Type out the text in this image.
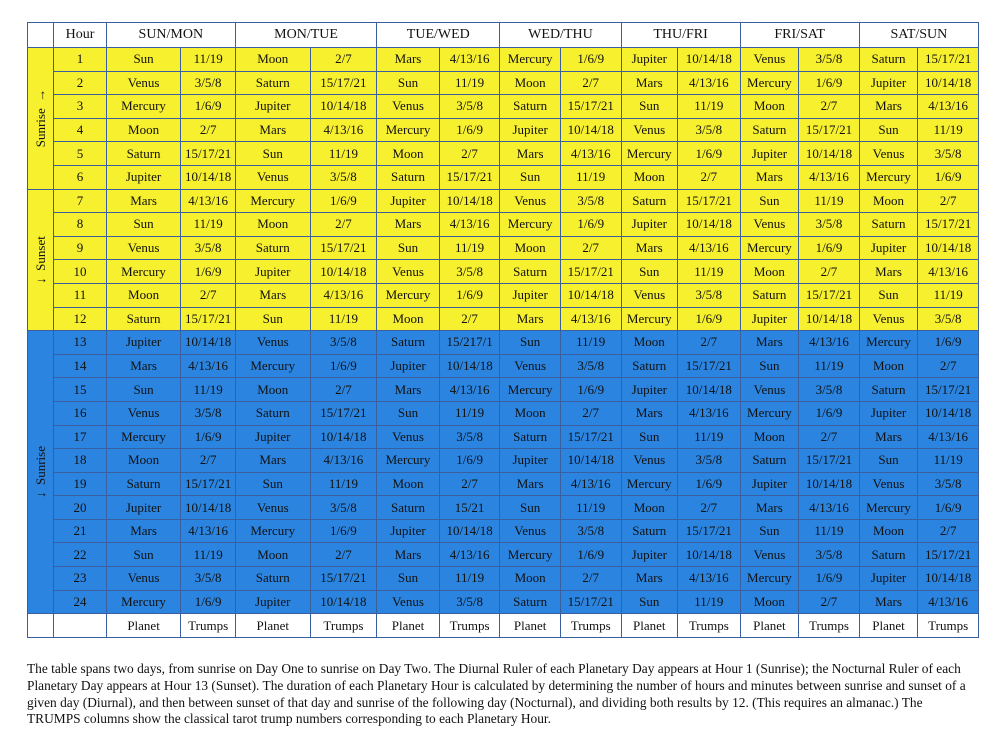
	Hour	SUN/MON		MON/TUE		TUE/WED		WED/THU		THU/FRI		FRI/SAT		SAT/SUN	

Sunrise  →	1	Sun	11/19	Moon	2/7	Mars	4/13/16	Mercury	1/6/9	Jupiter	10/14/18	Venus	3/5/8	Saturn	15/17/21
	2	Venus	3/5/8	Saturn	15/17/21	Sun	11/19	Moon	2/7	Mars	4/13/16	Mercury	1/6/9	Jupiter	10/14/18
	3	Mercury	1/6/9	Jupiter	10/14/18	Venus	3/5/8	Saturn	15/17/21	Sun	11/19	Moon	2/7	Mars	4/13/16
	4	Moon	2/7	Mars	4/13/16	Mercury	1/6/9	Jupiter	10/14/18	Venus	3/5/8	Saturn	15/17/21	Sun	11/19
	5	Saturn	15/17/21	Sun	11/19	Moon	2/7	Mars	4/13/16	Mercury	1/6/9	Jupiter	10/14/18	Venus	3/5/8
	6	Jupiter	10/14/18	Venus	3/5/8	Saturn	15/17/21	Sun	11/19	Moon	2/7	Mars	4/13/16	Mercury	1/6/9

↓  Sunset	7	Mars	4/13/16	Mercury	1/6/9	Jupiter	10/14/18	Venus	3/5/8	Saturn	15/17/21	Sun	11/19	Moon	2/7
	8	Sun	11/19	Moon	2/7	Mars	4/13/16	Mercury	1/6/9	Jupiter	10/14/18	Venus	3/5/8	Saturn	15/17/21
	9	Venus	3/5/8	Saturn	15/17/21	Sun	11/19	Moon	2/7	Mars	4/13/16	Mercury	1/6/9	Jupiter	10/14/18
	10	Mercury	1/6/9	Jupiter	10/14/18	Venus	3/5/8	Saturn	15/17/21	Sun	11/19	Moon	2/7	Mars	4/13/16
	11	Moon	2/7	Mars	4/13/16	Mercury	1/6/9	Jupiter	10/14/18	Venus	3/5/8	Saturn	15/17/21	Sun	11/19
	12	Saturn	15/17/21	Sun	11/19	Moon	2/7	Mars	4/13/16	Mercury	1/6/9	Jupiter	10/14/18	Venus	3/5/8

↓  Sunrise	13	Jupiter	10/14/18	Venus	3/5/8	Saturn	15/217/1	Sun	11/19	Moon	2/7	Mars	4/13/16	Mercury	1/6/9
	14	Mars	4/13/16	Mercury	1/6/9	Jupiter	10/14/18	Venus	3/5/8	Saturn	15/17/21	Sun	11/19	Moon	2/7
	15	Sun	11/19	Moon	2/7	Mars	4/13/16	Mercury	1/6/9	Jupiter	10/14/18	Venus	3/5/8	Saturn	15/17/21
	16	Venus	3/5/8	Saturn	15/17/21	Sun	11/19	Moon	2/7	Mars	4/13/16	Mercury	1/6/9	Jupiter	10/14/18
	17	Mercury	1/6/9	Jupiter	10/14/18	Venus	3/5/8	Saturn	15/17/21	Sun	11/19	Moon	2/7	Mars	4/13/16
	18	Moon	2/7	Mars	4/13/16	Mercury	1/6/9	Jupiter	10/14/18	Venus	3/5/8	Saturn	15/17/21	Sun	11/19
	19	Saturn	15/17/21	Sun	11/19	Moon	2/7	Mars	4/13/16	Mercury	1/6/9	Jupiter	10/14/18	Venus	3/5/8
	20	Jupiter	10/14/18	Venus	3/5/8	Saturn	15/21	Sun	11/19	Moon	2/7	Mars	4/13/16	Mercury	1/6/9
	21	Mars	4/13/16	Mercury	1/6/9	Jupiter	10/14/18	Venus	3/5/8	Saturn	15/17/21	Sun	11/19	Moon	2/7
	22	Sun	11/19	Moon	2/7	Mars	4/13/16	Mercury	1/6/9	Jupiter	10/14/18	Venus	3/5/8	Saturn	15/17/21
	23	Venus	3/5/8	Saturn	15/17/21	Sun	11/19	Moon	2/7	Mars	4/13/16	Mercury	1/6/9	Jupiter	10/14/18
	24	Mercury	1/6/9	Jupiter	10/14/18	Venus	3/5/8	Saturn	15/17/21	Sun	11/19	Moon	2/7	Mars	4/13/16
		Planet	Trumps	Planet	Trumps	Planet	Trumps	Planet	Trumps	Planet	Trumps	Planet	Trumps	Planet	Trumps

The table spans two days, from sunrise on Day One to sunrise on Day Two. The Diurnal Ruler of each Planetary Day appears at Hour 1 (Sunrise); the Nocturnal Ruler of each Planetary Day appears at Hour 13 (Sunset). The duration of each Planetary Hour is calculated by determining the number of hours and minutes between sunrise and sunset of a given day (Diurnal), and then between sunset of that day and sunrise of the following day (Nocturnal), and dividing both results by 12. (This requires an almanac.) The TRUMPS columns show the classical tarot trump numbers corresponding to each Planetary Hour.
